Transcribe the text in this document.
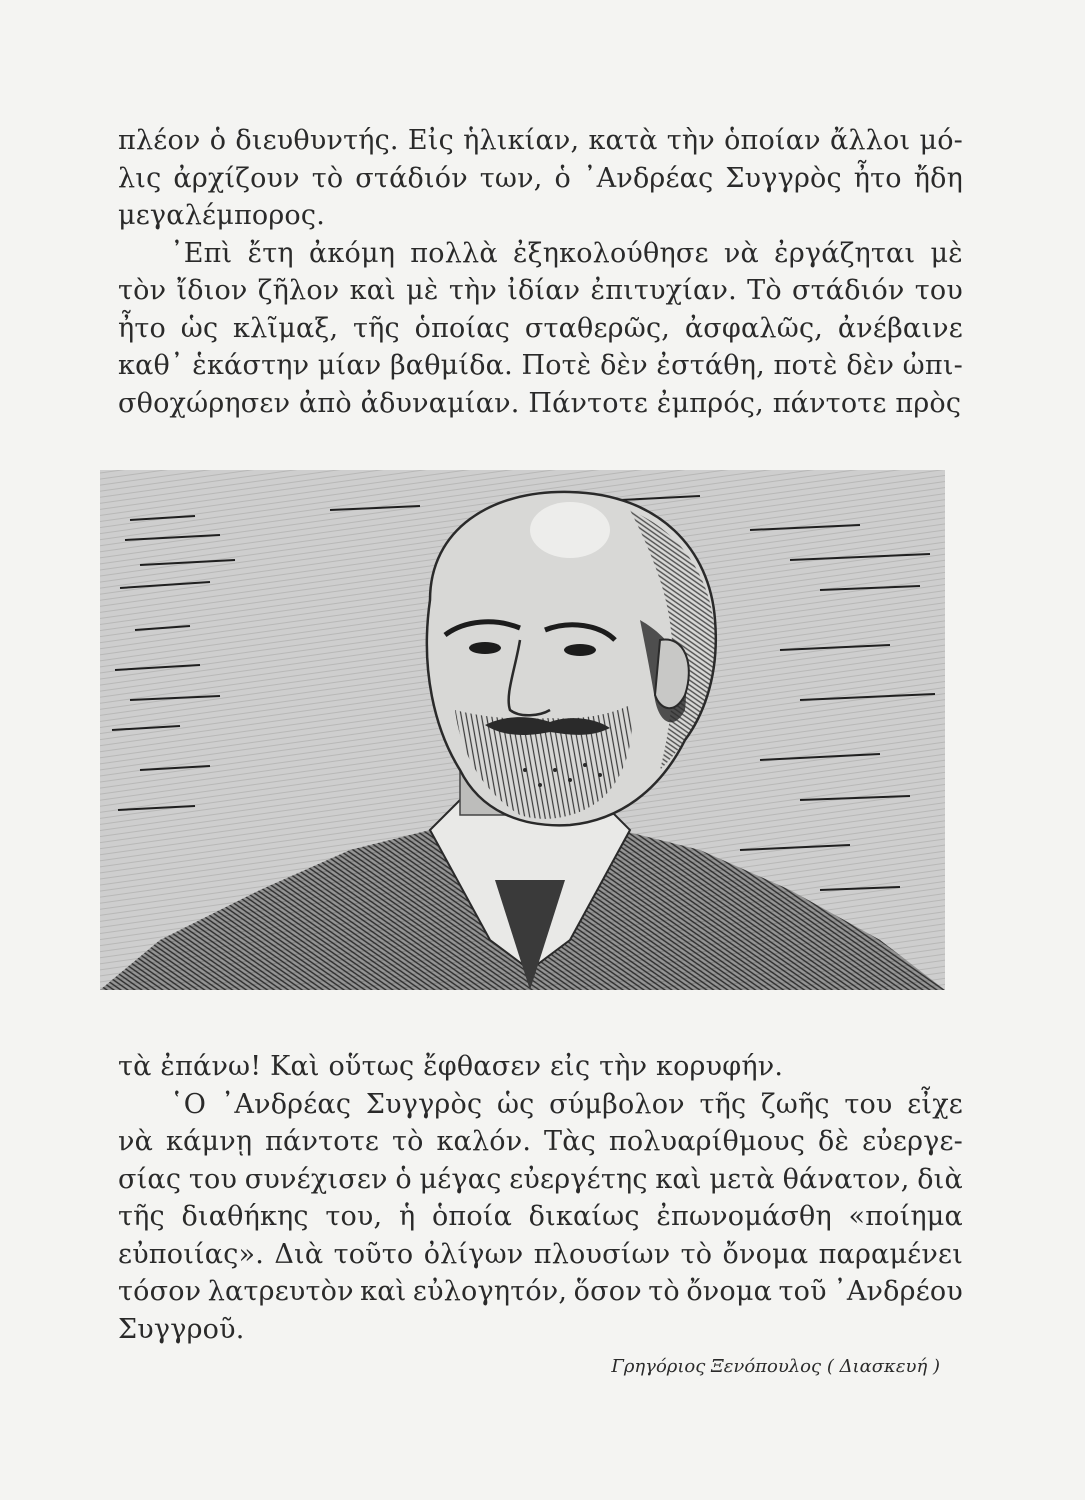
πλέον ὁ διευθυντής. Εἰς ἡλικίαν, κατὰ τὴν ὁποίαν ἄλλοι μό-
λις ἀρχίζουν τὸ στάδιόν των, ὁ ᾿Ανδρέας Συγγρὸς ἦτο ἤδη
μεγαλέμπορος.
᾿Επὶ ἔτη ἀκόμη πολλὰ ἐξηκολούθησε νὰ ἐργάζηται μὲ
τὸν ἴδιον ζῆλον καὶ μὲ τὴν ἰδίαν ἐπιτυχίαν. Τὸ στάδιόν του
ἦτο ὡς κλῖμαξ, τῆς ὁποίας σταθερῶς, ἀσφαλῶς, ἀνέβαινε
καθ᾿ ἑκάστην μίαν βαθμίδα. Ποτὲ δὲν ἐστάθη, ποτὲ δὲν ὠπι-
σθοχώρησεν ἀπὸ ἀδυναμίαν. Πάντοτε ἐμπρός, πάντοτε πρὸς
τὰ ἐπάνω! Καὶ οὕτως ἔφθασεν εἰς τὴν κορυφήν.
῾Ο ᾿Ανδρέας Συγγρὸς ὡς σύμβολον τῆς ζωῆς του εἶχε
νὰ κάμνῃ πάντοτε τὸ καλόν. Τὰς πολυαρίθμους δὲ εὐεργε-
σίας του συνέχισεν ὁ μέγας εὐεργέτης καὶ μετὰ θάνατον, διὰ
τῆς διαθήκης του, ἡ ὁποία δικαίως ἐπωνομάσθη «ποίημα
εὐποιίας». Διὰ τοῦτο ὀλίγων πλουσίων τὸ ὄνομα παραμένει
τόσον λατρευτὸν καὶ εὐλογητόν, ὅσον τὸ ὄνομα τοῦ ᾿Ανδρέου
Συγγροῦ.
Γρηγόριος Ξενόπουλος ( Διασκευή )
